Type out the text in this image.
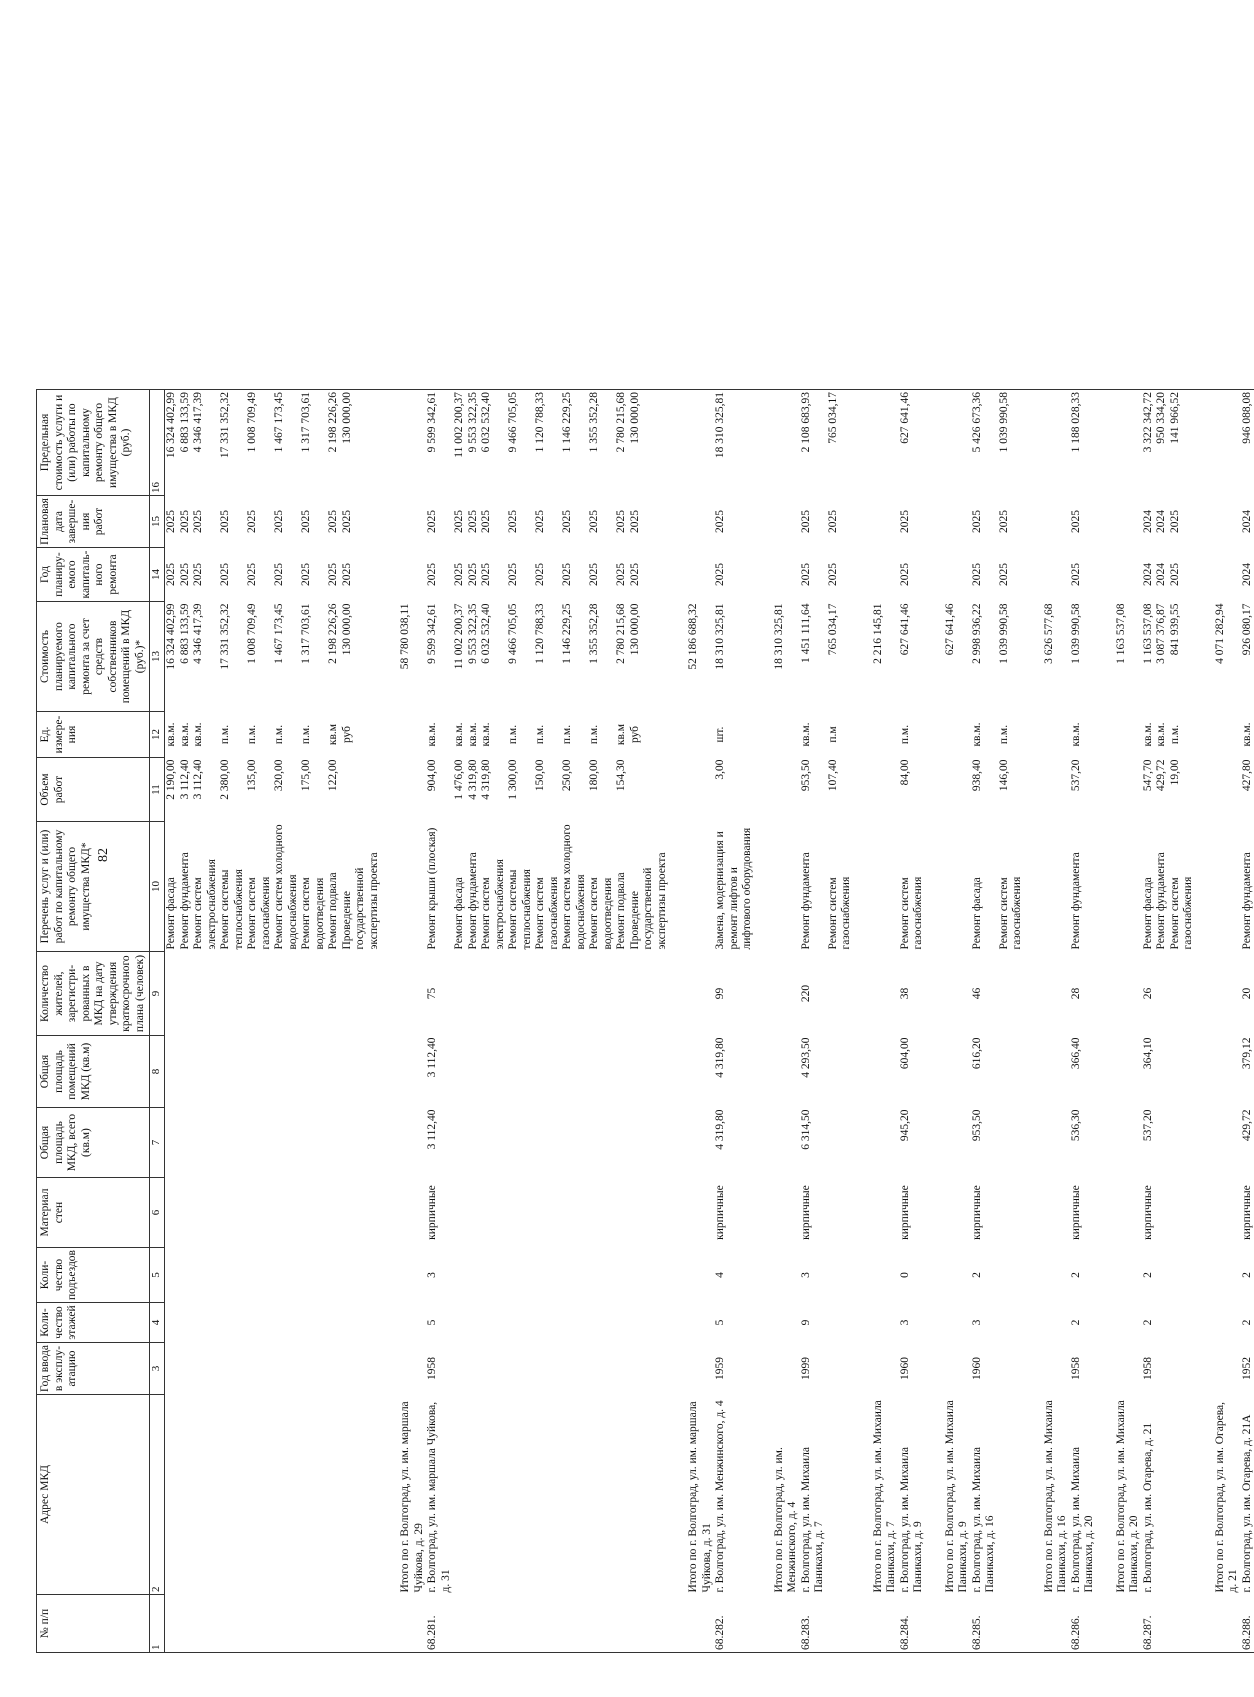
82
№ п/п	Адрес МКД	Год ввода в эксплу-атацию	Коли-чество этажей	Коли-чество подъездов	Материал стен	Общая площадь МКД, всего (кв.м)	Общая площадь помещений МКД (кв.м)	Количество жителей, зарегистри-рованных в МКД на дату утверждения краткосрочного плана (человек)	Перечень услуг и (или) работ по капитальному ремонту общего имущества МКД*	Объем работ	Ед. измере-ния	Стоимость планируемого капитального ремонта за счет средств собственников помещений в МКД (руб.)*	Год планиру-емого капиталь-ного ремонта	Плановая дата заверше-ния работ	Предельная стоимость услуги и (или) работы по капитальному ремонту общего имущества в МКД (руб.)
1	2	3	4	5	6	7	8	9	10	11	12	13	14	15	16
									Ремонт фасада	2 190,00	кв.м.	16 324 402,99	2025	2025	16 324 402,99
									Ремонт фундамента	3 112,40	кв.м.	6 883 133,59	2025	2025	6 883 133,59
									Ремонт систем электроснабжения	3 112,40	кв.м.	4 346 417,39	2025	2025	4 346 417,39
									Ремонт системы теплоснабжения	2 380,00	п.м.	17 331 352,32	2025	2025	17 331 352,32
									Ремонт систем газоснабжения	135,00	п.м.	1 008 709,49	2025	2025	1 008 709,49
									Ремонт систем холодного водоснабжения	320,00	п.м.	1 467 173,45	2025	2025	1 467 173,45
									Ремонт систем водоотведения	175,00	п.м.	1 317 703,61	2025	2025	1 317 703,61
									Ремонт подвала	122,00	кв.м	2 198 226,26	2025	2025	2 198 226,26
									Проведение государственной экспертизы проекта		руб	130 000,00	2025	2025	130 000,00

	Итого по г. Волгоград, ул. им. маршала Чуйкова, д. 29											58 780 038,11			
68.281.	г. Волгоград, ул. им. маршала Чуйкова, д. 31	1958	5	3	кирпичные	3 112,40	3 112,40	75	Ремонт крыши (плоская)	904,00	кв.м.	9 599 342,61	2025	2025	9 599 342,61
									Ремонт фасада	1 476,00	кв.м.	11 002 200,37	2025	2025	11 002 200,37
									Ремонт фундамента	4 319,80	кв.м.	9 553 322,35	2025	2025	9 553 322,35
									Ремонт систем электроснабжения	4 319,80	кв.м.	6 032 532,40	2025	2025	6 032 532,40
									Ремонт системы теплоснабжения	1 300,00	п.м.	9 466 705,05	2025	2025	9 466 705,05
									Ремонт систем газоснабжения	150,00	п.м.	1 120 788,33	2025	2025	1 120 788,33
									Ремонт систем холодного водоснабжения	250,00	п.м.	1 146 229,25	2025	2025	1 146 229,25
									Ремонт систем водоотведения	180,00	п.м.	1 355 352,28	2025	2025	1 355 352,28
									Ремонт подвала	154,30	кв.м	2 780 215,68	2025	2025	2 780 215,68
									Проведение государственной экспертизы проекта		руб	130 000,00	2025	2025	130 000,00

	Итого по г. Волгоград, ул. им. маршала Чуйкова, д. 31											52 186 688,32			
68.282.	г. Волгоград, ул. им. Менжинского, д. 4	1959	5	4	кирпичные	4 319,80	4 319,80	99	Замена, модернизация и ремонт лифтов и лифтового оборудования	3,00	шт.	18 310 325,81	2025	2025	18 310 325,81

	Итого по г. Волгоград, ул. им. Менжинского, д. 4											18 310 325,81			
68.283.	г. Волгоград, ул. им. Михаила Паникахи, д. 7	1999	9	3	кирпичные	6 314,50	4 293,50	220	Ремонт фундамента	953,50	кв.м.	1 451 111,64	2025	2025	2 108 683,93
									Ремонт систем газоснабжения	107,40	п.м	765 034,17	2025	2025	765 034,17

	Итого по г. Волгоград, ул. им. Михаила Паникахи, д. 7											2 216 145,81			
68.284.	г. Волгоград, ул. им. Михаила Паникахи, д. 9	1960	3	0	кирпичные	945,20	604,00	38	Ремонт систем газоснабжения	84,00	п.м.	627 641,46	2025	2025	627 641,46

	Итого по г. Волгоград, ул. им. Михаила Паникахи, д. 9											627 641,46			
68.285.	г. Волгоград, ул. им. Михаила Паникахи, д. 16	1960	3	2	кирпичные	953,50	616,20	46	Ремонт фасада	938,40	кв.м.	2 998 936,22	2025	2025	5 426 673,36
									Ремонт систем газоснабжения	146,00	п.м.	1 039 990,58	2025	2025	1 039 990,58

	Итого по г. Волгоград, ул. им. Михаила Паникахи, д. 16											3 626 577,68			
68.286.	г. Волгоград, ул. им. Михаила Паникахи, д. 20	1958	2	2	кирпичные	536,30	366,40	28	Ремонт фундамента	537,20	кв.м.	1 039 990,58	2025	2025	1 188 028,33

	Итого по г. Волгоград, ул. им. Михаила Паникахи, д. 20											1 163 537,08			
68.287.	г. Волгоград, ул. им. Огарева, д. 21	1958	2	2	кирпичные	537,20	364,10	26	Ремонт фасада	547,70	кв.м.	1 163 537,08	2024	2024	3 322 342,72
									Ремонт фундамента	429,72	кв.м.	3 087 376,87	2024	2024	950 334,20
									Ремонт систем газоснабжения	19,00	п.м.	841 939,55	2025	2025	141 966,52

	Итого по г. Волгоград, ул. им. Огарева, д. 21											4 071 282,94			
68.288.	г. Волгоград, ул. им. Огарева, д. 21А	1952	2	2	кирпичные	429,72	379,12	20	Ремонт фундамента	427,80	кв.м.	926 080,17	2024	2024	946 088,08
